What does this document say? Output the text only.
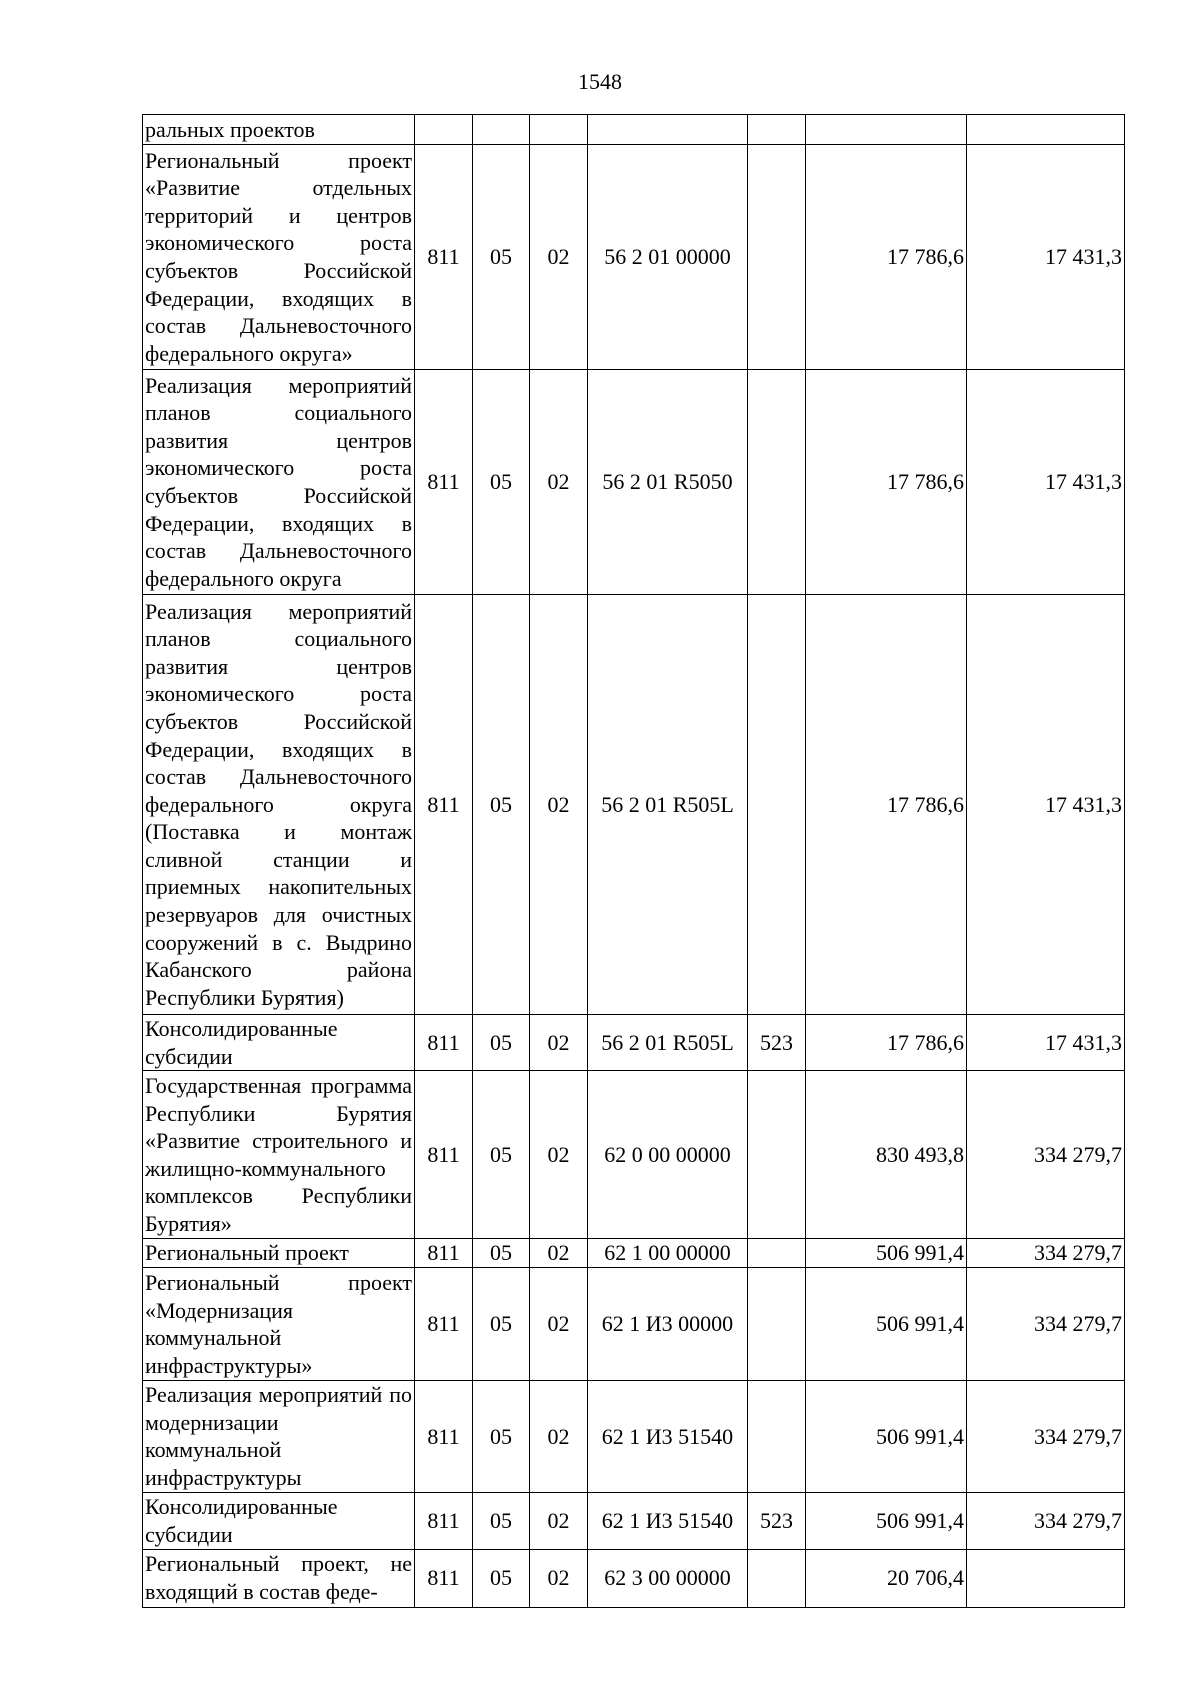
1548
ральных проектов							
Региональный проект «Развитие отдельных территорий и центров экономического роста субъектов Российской Федерации, входящих в состав Дальневосточного федерального округа»	811	05	02	56 2 01 00000		17 786,6	17 431,3
Реализация мероприятий планов социального развития центров экономического роста субъектов Российской Федерации, входящих в состав Дальневосточного федерального округа	811	05	02	56 2 01 R5050		17 786,6	17 431,3
Реализация мероприятий планов социального развития центров экономического роста субъектов Российской Федерации, входящих в состав Дальневосточного федерального округа (Поставка и монтаж сливной станции и приемных накопительных резервуаров для очистных сооружений в с. Выдрино Кабанского района Республики Бурятия)	811	05	02	56 2 01 R505L		17 786,6	17 431,3
Консолидированные субсидии	811	05	02	56 2 01 R505L	523	17 786,6	17 431,3
Государственная программа Республики Бурятия «Развитие строительного и жилищно-коммунального комплексов Республики Бурятия»	811	05	02	62 0 00 00000		830 493,8	334 279,7
Региональный проект	811	05	02	62 1 00 00000		506 991,4	334 279,7
Региональный проект «Модернизация коммунальной инфраструктуры»	811	05	02	62 1 И3 00000		506 991,4	334 279,7
Реализация мероприятий по модернизации коммунальной инфраструктуры	811	05	02	62 1 И3 51540		506 991,4	334 279,7
Консолидированные субсидии	811	05	02	62 1 И3 51540	523	506 991,4	334 279,7
Региональный проект, не входящий в состав феде-	811	05	02	62 3 00 00000		20 706,4	
